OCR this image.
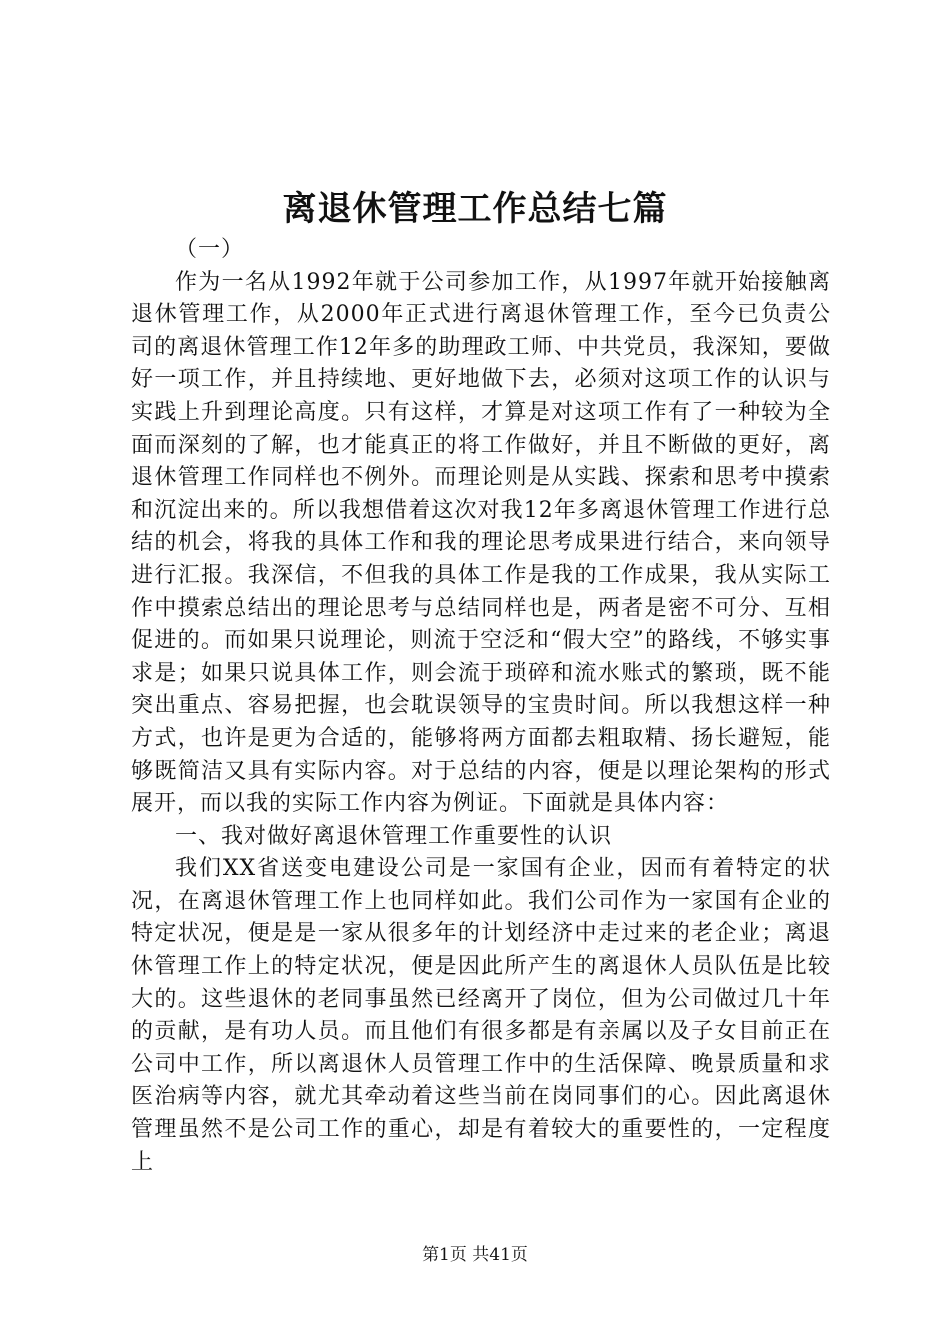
离退休管理工作总结七篇

（一）

作为一名从1992年就于公司参加工作，从1997年就开始接触离退休管理工作，从2000年正式进行离退休管理工作，至今已负责公司的离退休管理工作12年多的助理政工师、中共党员，我深知，要做好一项工作，并且持续地、更好地做下去，必须对这项工作的认识与实践上升到理论高度。只有这样，才算是对这项工作有了一种较为全面而深刻的了解，也才能真正的将工作做好，并且不断做的更好，离退休管理工作同样也不例外。而理论则是从实践、探索和思考中摸索和沉淀出来的。所以我想借着这次对我12年多离退休管理工作进行总结的机会，将我的具体工作和我的理论思考成果进行结合，来向领导进行汇报。我深信，不但我的具体工作是我的工作成果，我从实际工作中摸索总结出的理论思考与总结同样也是，两者是密不可分、互相促进的。而如果只说理论，则流于空泛和“假大空”的路线，不够实事求是；如果只说具体工作，则会流于琐碎和流水账式的繁琐，既不能突出重点、容易把握，也会耽误领导的宝贵时间。所以我想这样一种方式，也许是更为合适的，能够将两方面都去粗取精、扬长避短，能够既简洁又具有实际内容。对于总结的内容，便是以理论架构的形式展开，而以我的实际工作内容为例证。下面就是具体内容：

一、我对做好离退休管理工作重要性的认识

我们XX省送变电建设公司是一家国有企业，因而有着特定的状况，在离退休管理工作上也同样如此。我们公司作为一家国有企业的特定状况，便是是一家从很多年的计划经济中走过来的老企业；离退休管理工作上的特定状况，便是因此所产生的离退休人员队伍是比较大的。这些退休的老同事虽然已经离开了岗位，但为公司做过几十年的贡献，是有功人员。而且他们有很多都是有亲属以及子女目前正在公司中工作，所以离退休人员管理工作中的生活保障、晚景质量和求医治病等内容，就尤其牵动着这些当前在岗同事们的心。因此离退休管理虽然不是公司工作的重心，却是有着较大的重要性的，一定程度上

第1页 共41页
